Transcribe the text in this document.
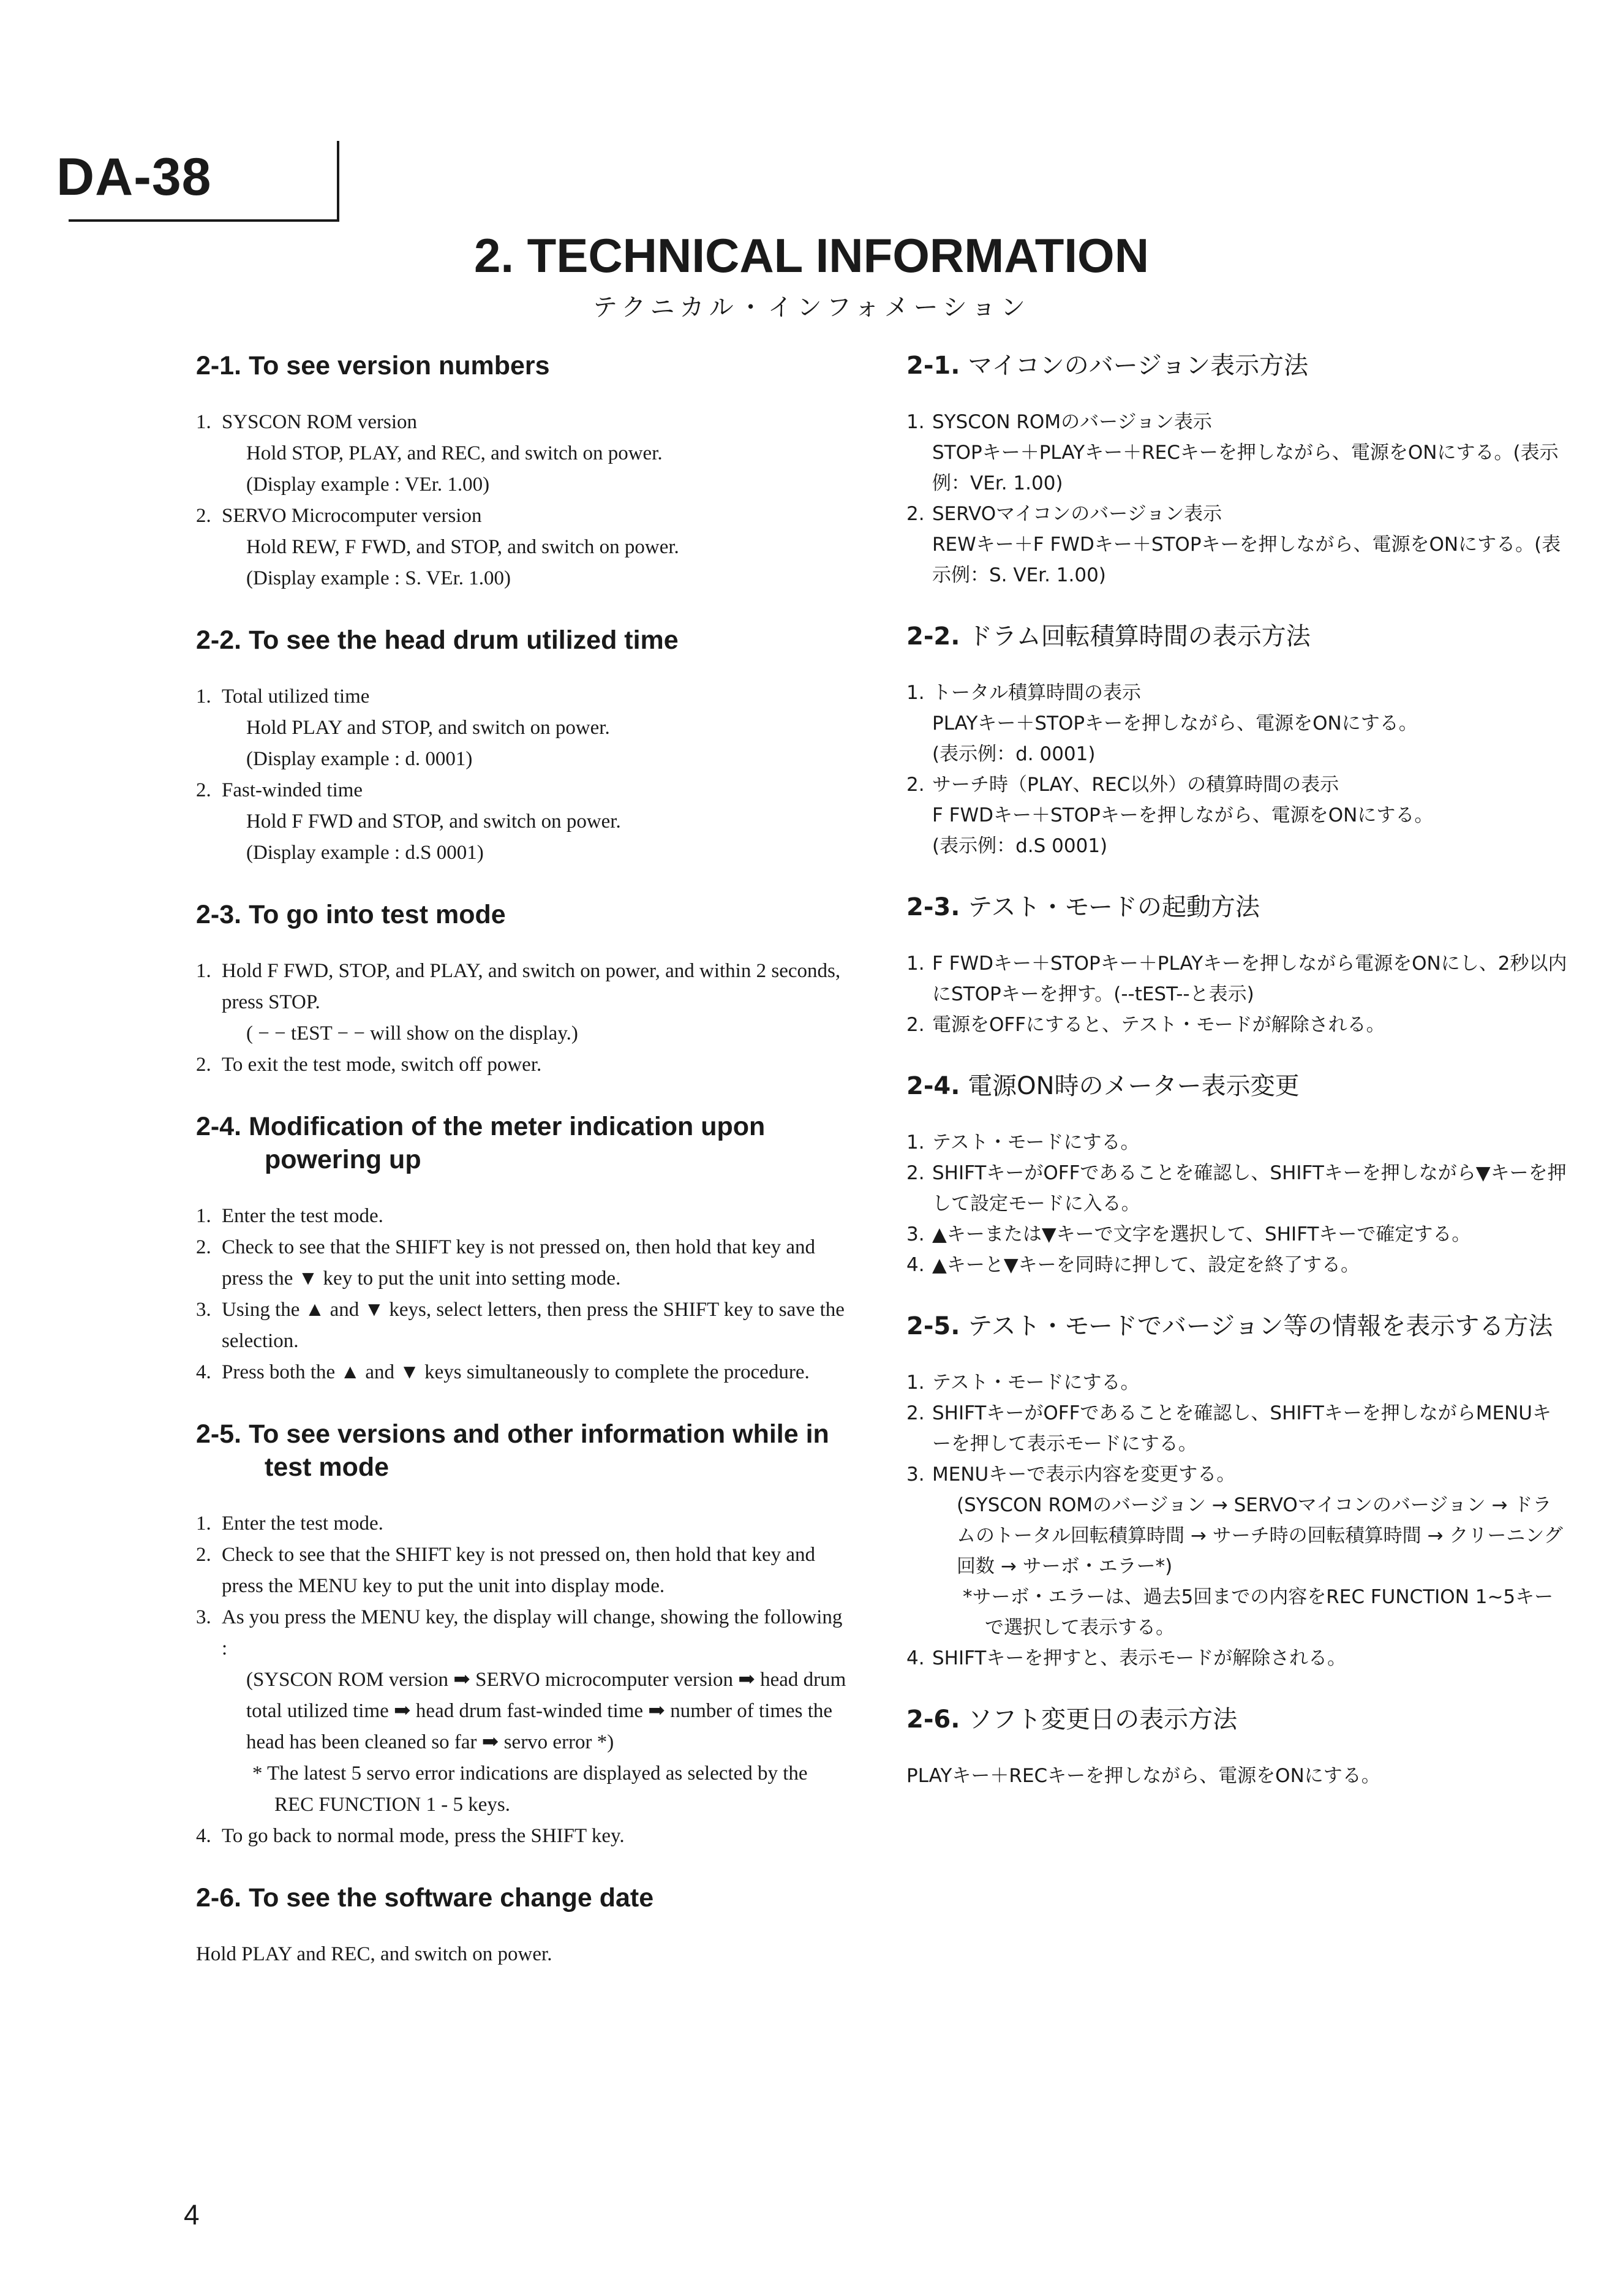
DA-38
2. TECHNICAL INFORMATION
テクニカル・インフォメーション
2-1. To see version numbers
1. SYSCON ROM version
Hold STOP, PLAY, and REC, and switch on power.
(Display example : VEr. 1.00)
2. SERVO Microcomputer version
Hold REW, F FWD, and STOP, and switch on power.
(Display example : S. VEr. 1.00)
2-2. To see the head drum utilized time
1. Total utilized time
Hold PLAY and STOP, and switch on power.
(Display example : d. 0001)
2. Fast-winded time
Hold F FWD and STOP, and switch on power.
(Display example : d.S 0001)
2-3. To go into test mode
1. Hold F FWD, STOP, and PLAY, and switch on power, and within 2 seconds, press STOP.
( − − tEST − − will show on the display.)
2. To exit the test mode, switch off power.
2-4. Modification of the meter indication upon powering up
1. Enter the test mode.
2. Check to see that the SHIFT key is not pressed on, then hold that key and press the ▼ key to put the unit into setting mode.
3. Using the ▲ and ▼ keys, select letters, then press the SHIFT key to save the selection.
4. Press both the ▲ and ▼ keys simultaneously to complete the procedure.
2-5. To see versions and other information while in test mode
1. Enter the test mode.
2. Check to see that the SHIFT key is not pressed on, then hold that key and press the MENU key to put the unit into display mode.
3. As you press the MENU key, the display will change, showing the following :
(SYSCON ROM version ➡ SERVO microcomputer version ➡ head drum total utilized time ➡ head drum fast-winded time ➡ number of times the head has been cleaned so far ➡ servo error *)
* The latest 5 servo error indications are displayed as selected by the REC FUNCTION 1 - 5 keys.
4. To go back to normal mode, press the SHIFT key.
2-6. To see the software change date

Hold PLAY and REC, and switch on power.

2-1. マイコンのバージョン表示方法
1. SYSCON ROMのバージョン表示
STOPキー＋PLAYキー＋RECキーを押しながら、電源をONにする。(表示例：VEr. 1.00)
2. SERVOマイコンのバージョン表示
REWキー＋F FWDキー＋STOPキーを押しながら、電源をONにする。(表示例：S. VEr. 1.00)
2-2. ドラム回転積算時間の表示方法
1. トータル積算時間の表示
PLAYキー＋STOPキーを押しながら、電源をONにする。
(表示例：d. 0001)
2. サーチ時（PLAY、REC以外）の積算時間の表示
F FWDキー＋STOPキーを押しながら、電源をONにする。
(表示例：d.S 0001)
2-3. テスト・モードの起動方法
1. F FWDキー＋STOPキー＋PLAYキーを押しながら電源をONにし、2秒以内にSTOPキーを押す。(--tEST--と表示)
2. 電源をOFFにすると、テスト・モードが解除される。
2-4. 電源ON時のメーター表示変更
1. テスト・モードにする。
2. SHIFTキーがOFFであることを確認し、SHIFTキーを押しながら▼キーを押して設定モードに入る。
3. ▲キーまたは▼キーで文字を選択して、SHIFTキーで確定する。
4. ▲キーと▼キーを同時に押して、設定を終了する。
2-5. テスト・モードでバージョン等の情報を表示する方法
1. テスト・モードにする。
2. SHIFTキーがOFFであることを確認し、SHIFTキーを押しながらMENUキーを押して表示モードにする。
3. MENUキーで表示内容を変更する。
(SYSCON ROMのバージョン → SERVOマイコンのバージョン → ドラムのトータル回転積算時間 → サーチ時の回転積算時間 → クリーニング回数 → サーボ・エラー*)
*サーボ・エラーは、過去5回までの内容をREC FUNCTION 1~5キーで選択して表示する。
4. SHIFTキーを押すと、表示モードが解除される。
2-6. ソフト変更日の表示方法

PLAYキー＋RECキーを押しながら、電源をONにする。

4
